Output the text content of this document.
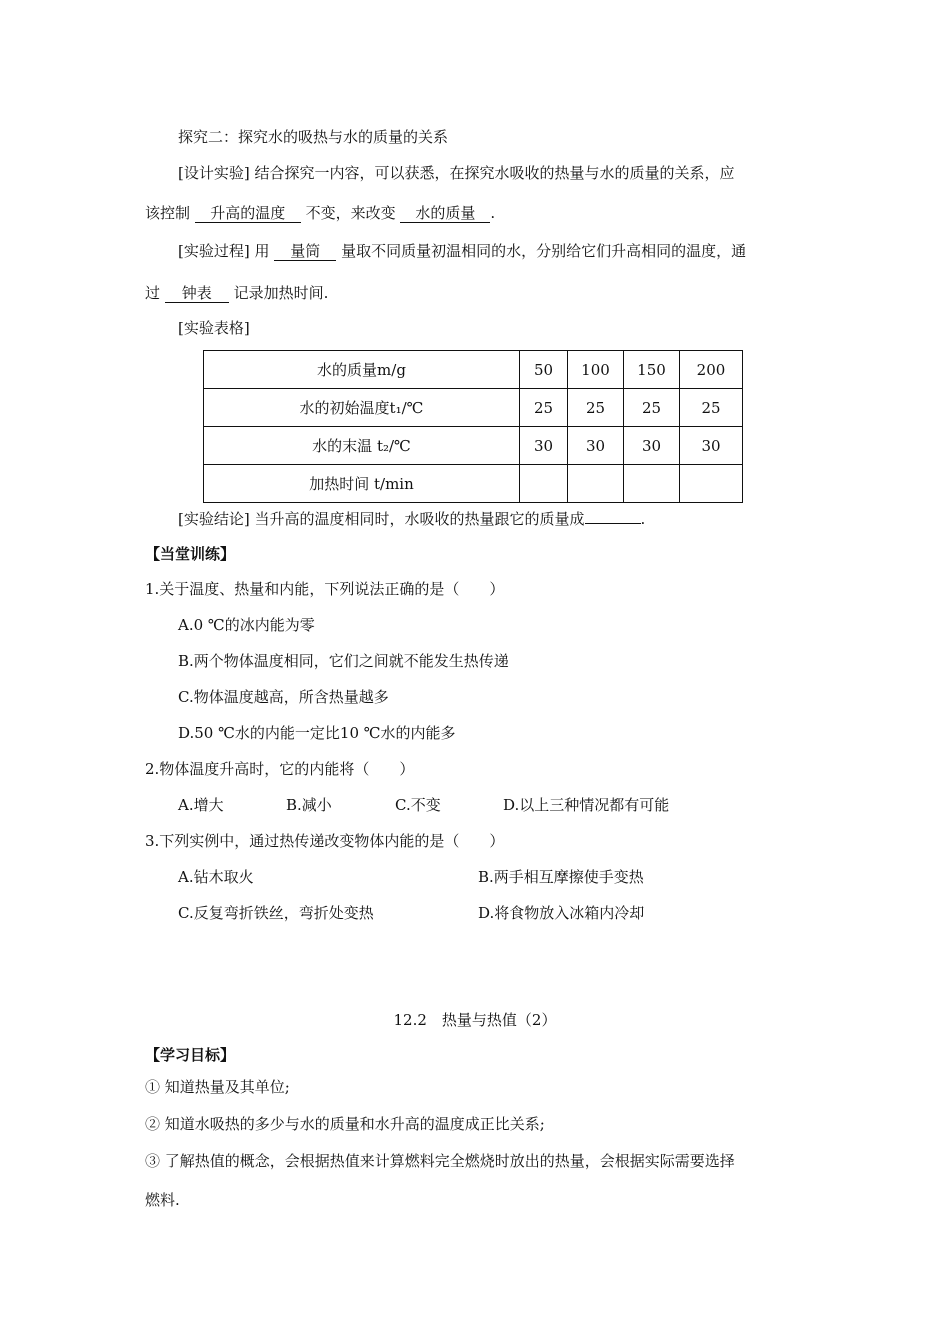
探究二：探究水的吸热与水的质量的关系
[设计实验] 结合探究一内容，可以获悉，在探究水吸收的热量与水的质量的关系，应
该控制 升高的温度 不变，来改变 水的质量 .
[实验过程] 用 量筒 量取不同质量初温相同的水，分别给它们升高相同的温度，通
过 钟表 记录加热时间.
[实验表格]
水的质量m/g	50	100	150	200
水的初始温度t₁/℃	25	25	25	25
水的末温 t₂/℃	30	30	30	30
加热时间 t/min				
[实验结论] 当升高的温度相同时，水吸收的热量跟它的质量成	.
【当堂训练】
1.关于温度、热量和内能，下列说法正确的是（　　）
A.0 ℃的冰内能为零
B.两个物体温度相同，它们之间就不能发生热传递
C.物体温度越高，所含热量越多
D.50 ℃水的内能一定比10 ℃水的内能多
2.物体温度升高时，它的内能将（　　）
A.增大	B.减小	C.不变	D.以上三种情况都有可能
3.下列实例中，通过热传递改变物体内能的是（　　）
A.钻木取火	B.两手相互摩擦使手变热
C.反复弯折铁丝，弯折处变热	D.将食物放入冰箱内冷却
12.2　热量与热值（2）
【学习目标】
① 知道热量及其单位;
② 知道水吸热的多少与水的质量和水升高的温度成正比关系;
③ 了解热值的概念，会根据热值来计算燃料完全燃烧时放出的热量，会根据实际需要选择
燃料.
